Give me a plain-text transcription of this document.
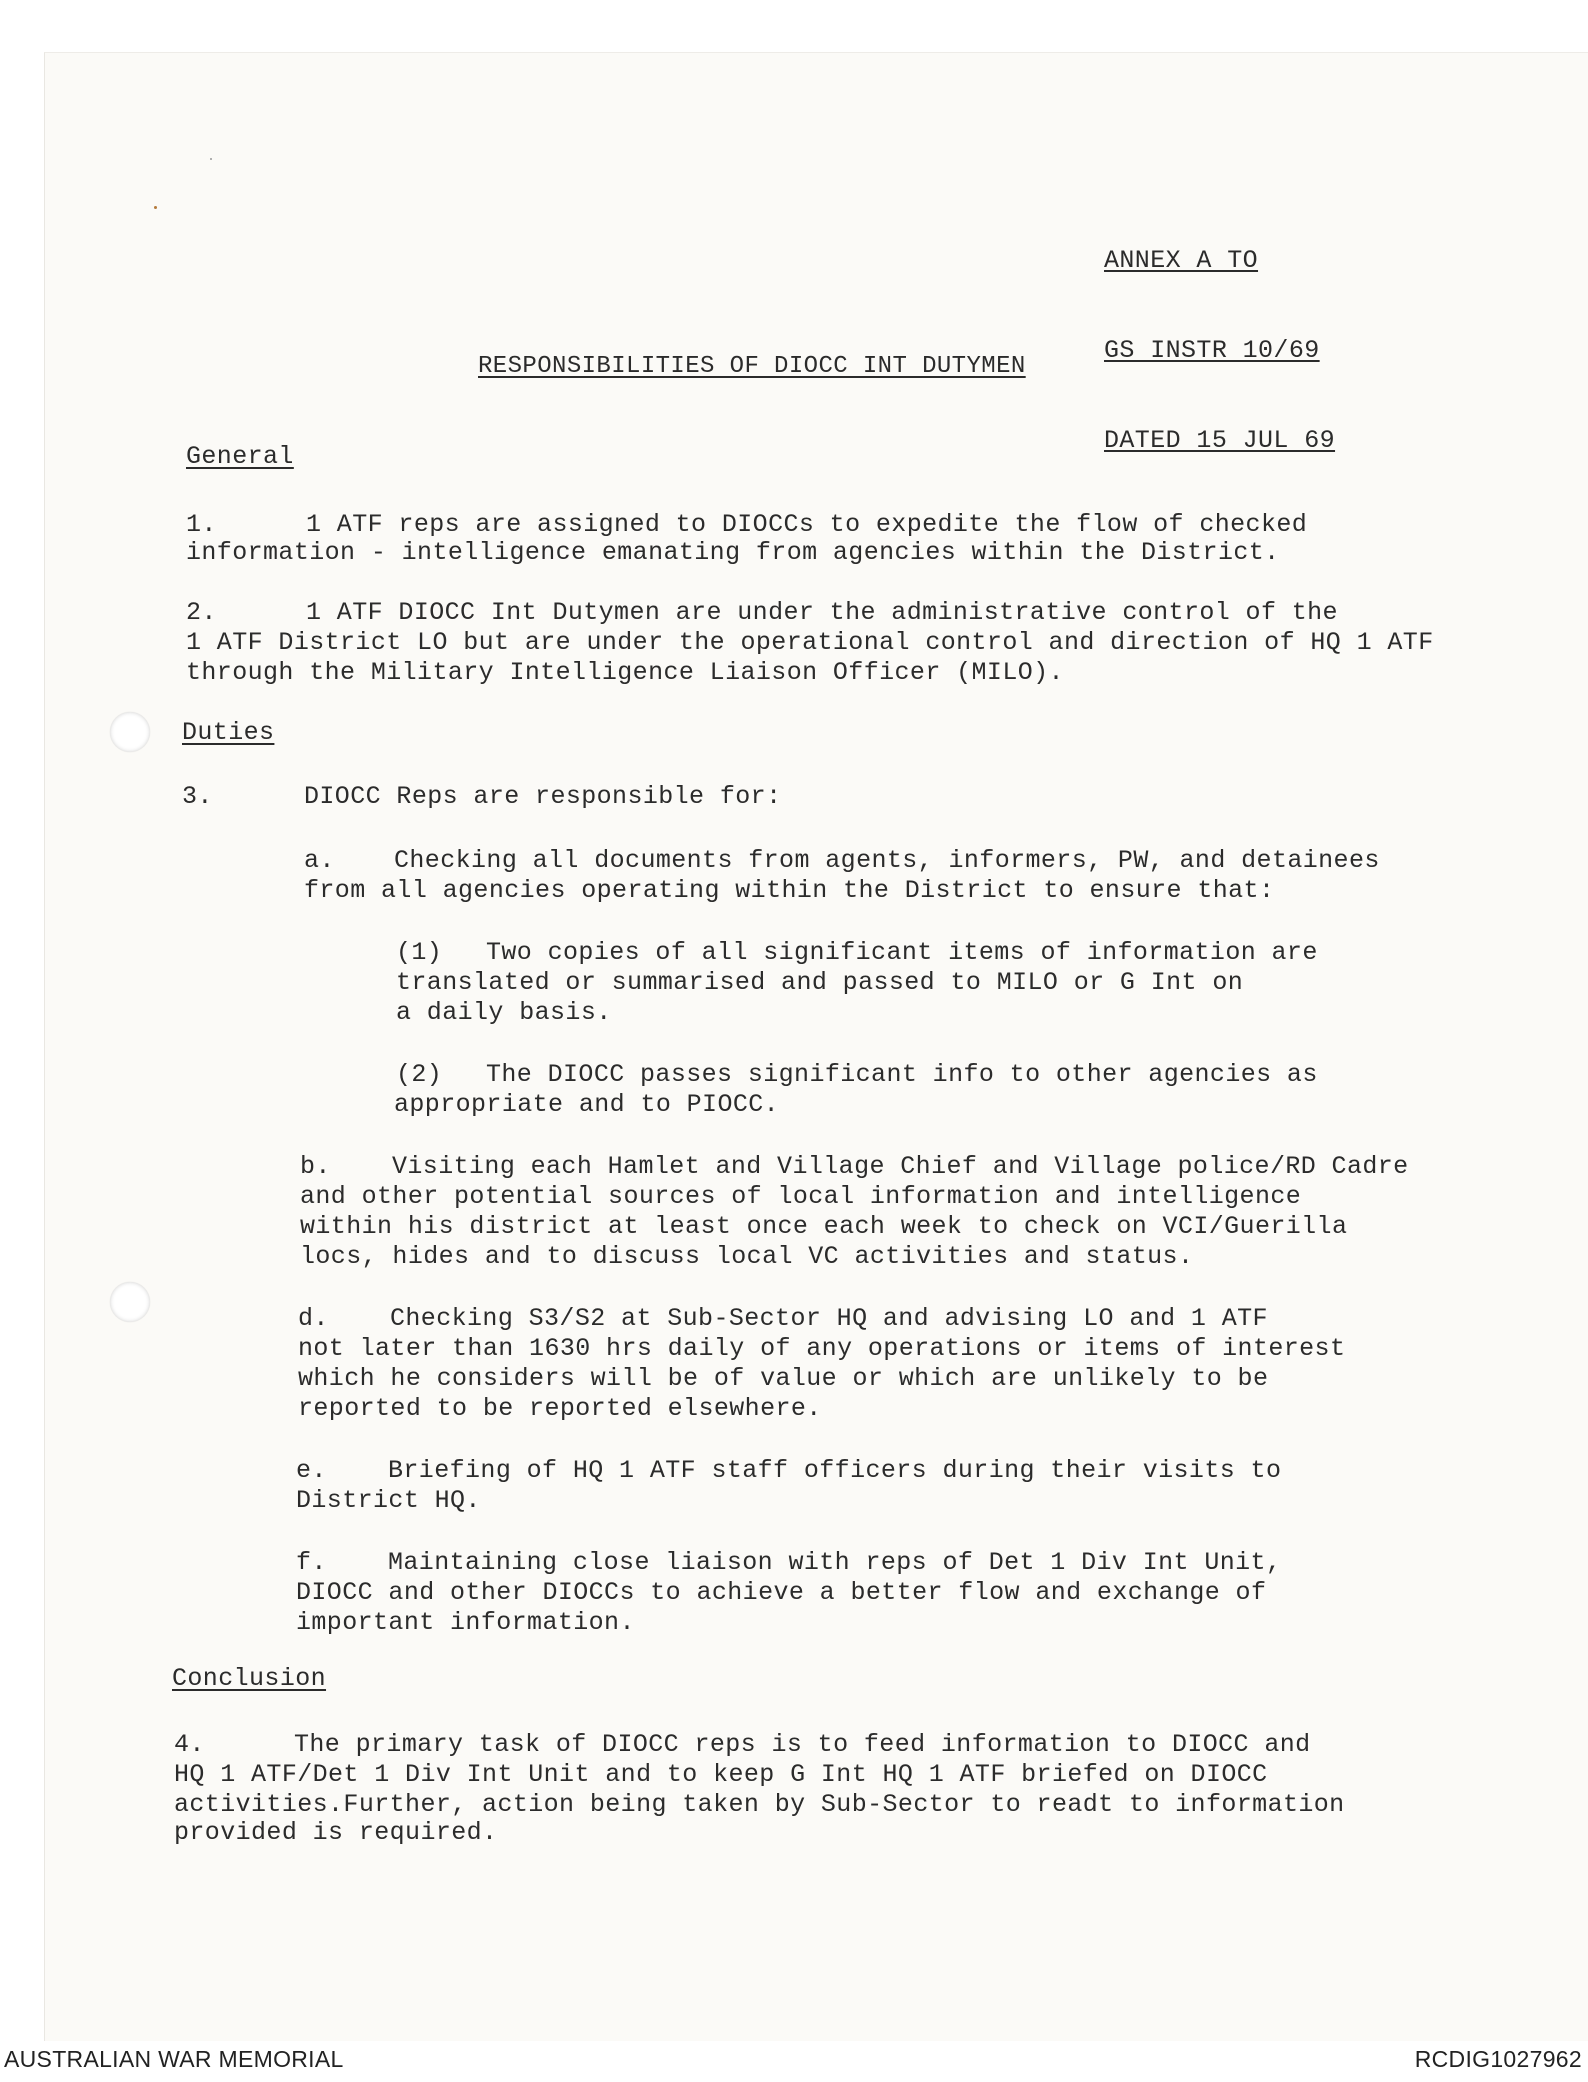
ANNEX A TO

GS INSTR 10/69

DATED 15 JUL 69

RESPONSIBILITIES OF DIOCC INT DUTYMEN
General
1.	1 ATF reps are assigned to DIOCCs to expedite the flow of checked
information - intelligence emanating from agencies within the District.
2.	1 ATF DIOCC Int Dutymen are under the administrative control of the
1 ATF District LO but are under the operational control and direction of HQ 1 ATF
through the Military Intelligence Liaison Officer (MILO).
Duties
3.	DIOCC Reps are responsible for:
a. Checking all documents from agents, informers, PW, and detainees
from all agencies operating within the District to ensure that:
(1) Two copies of all significant items of information are
translated or summarised and passed to MILO or G Int on
a daily basis.
(2) The DIOCC passes significant info to other agencies as
appropriate and to PIOCC.
b. Visiting each Hamlet and Village Chief and Village police/RD Cadre
and other potential sources of local information and intelligence
within his district at least once each week to check on VCI/Guerilla
locs, hides and to discuss local VC activities and status.
d. Checking S3/S2 at Sub-Sector HQ and advising LO and 1 ATF
not later than 1630 hrs daily of any operations or items of interest
which he considers will be of value or which are unlikely to be
reported to be reported elsewhere.
e. Briefing of HQ 1 ATF staff officers during their visits to
District HQ.
f. Maintaining close liaison with reps of Det 1 Div Int Unit,
DIOCC and other DIOCCs to achieve a better flow and exchange of
important information.
Conclusion
4.	The primary task of DIOCC reps is to feed information to DIOCC and
HQ 1 ATF/Det 1 Div Int Unit and to keep G Int HQ 1 ATF briefed on DIOCC
activities.Further, action being taken by Sub-Sector to readt to information
provided is required.
AUSTRALIAN WAR MEMORIAL	RCDIG1027962
